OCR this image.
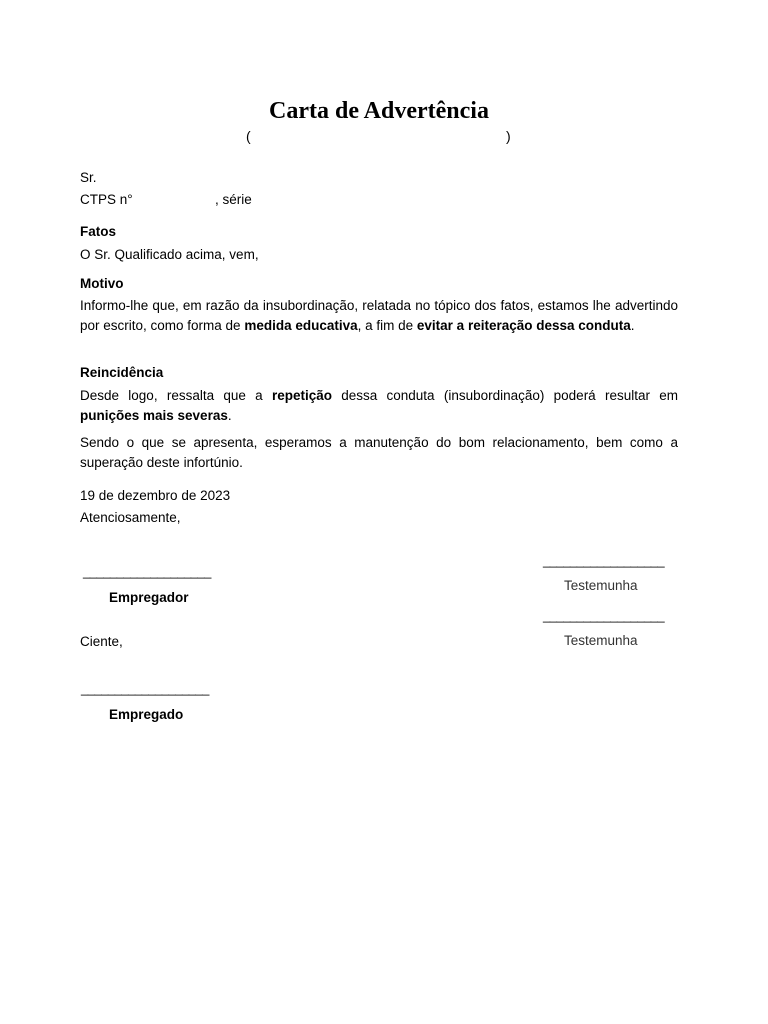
Carta de Advertência
(	)
Sr.
CTPS n°	, série
Fatos
O Sr. Qualificado acima, vem,
Motivo
Informo-lhe que, em razão da insubordinação, relatada no tópico dos fatos, estamos lhe advertindo por escrito, como forma de medida educativa, a fim de evitar a reiteração dessa conduta.
Reincidência
Desde logo, ressalta que a repetição dessa conduta (insubordinação) poderá resultar em punições mais severas.
Sendo o que se apresenta, esperamos a manutenção do bom relacionamento, bem como a superação deste infortúnio.
19 de dezembro de 2023
Atenciosamente,
__________________
Testemunha
___________________
Empregador
__________________
Testemunha
Ciente,
___________________
Empregado
